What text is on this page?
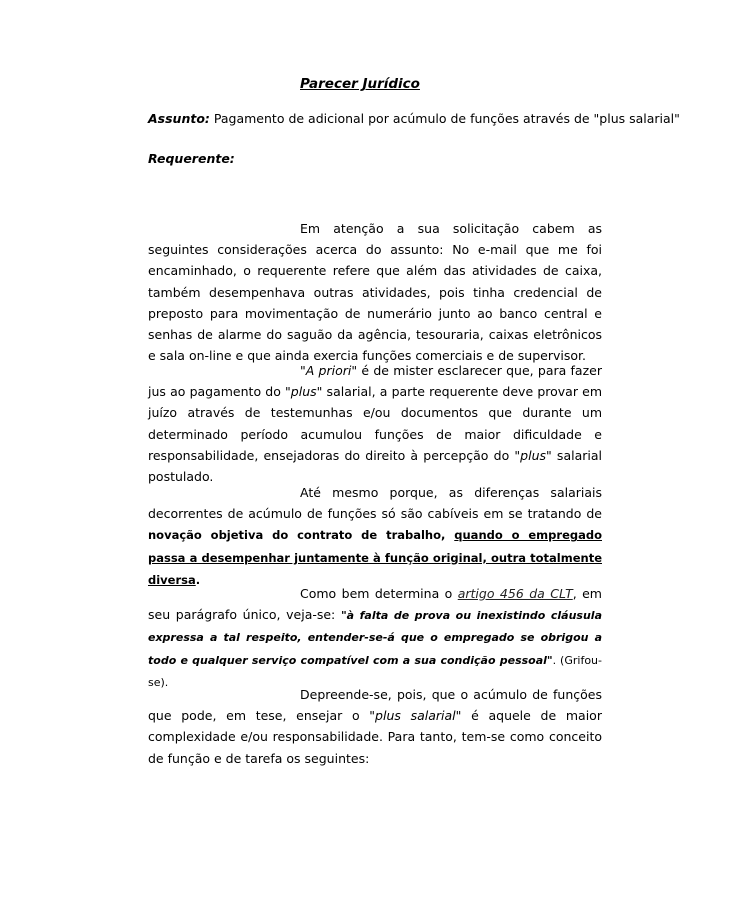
Parecer Jurídico
Assunto: Pagamento de adicional por acúmulo de funções através de "plus salarial"
Requerente:
Em atenção a sua solicitação cabem as seguintes considerações acerca do assunto: No e-mail que me foi encaminhado, o requerente refere que além das atividades de caixa, também desempenhava outras atividades, pois tinha credencial de preposto para movimentação de numerário junto ao banco central e senhas de alarme do saguão da agência, tesouraria, caixas eletrônicos e sala on-line e que ainda exercia funções comerciais e de supervisor.
"A priori" é de mister esclarecer que, para fazer jus ao pagamento do "plus" salarial, a parte requerente deve provar em juízo através de testemunhas e/ou documentos que durante um determinado período acumulou funções de maior dificuldade e responsabilidade, ensejadoras do direito à percepção do "plus" salarial postulado.
Até mesmo porque, as diferenças salariais decorrentes de acúmulo de funções só são cabíveis em se tratando de novação objetiva do contrato de trabalho, quando o empregado passa a desempenhar juntamente à função original, outra totalmente diversa.
Como bem determina o artigo 456 da CLT, em seu parágrafo único, veja-se: "à falta de prova ou inexistindo cláusula expressa a tal respeito, entender-se-á que o empregado se obrigou a todo e qualquer serviço compatível com a sua condição pessoal". (Grifou-se).
Depreende-se, pois, que o acúmulo de funções que pode, em tese, ensejar o "plus salarial" é aquele de maior complexidade e/ou responsabilidade. Para tanto, tem-se como conceito de função e de tarefa os seguintes:
